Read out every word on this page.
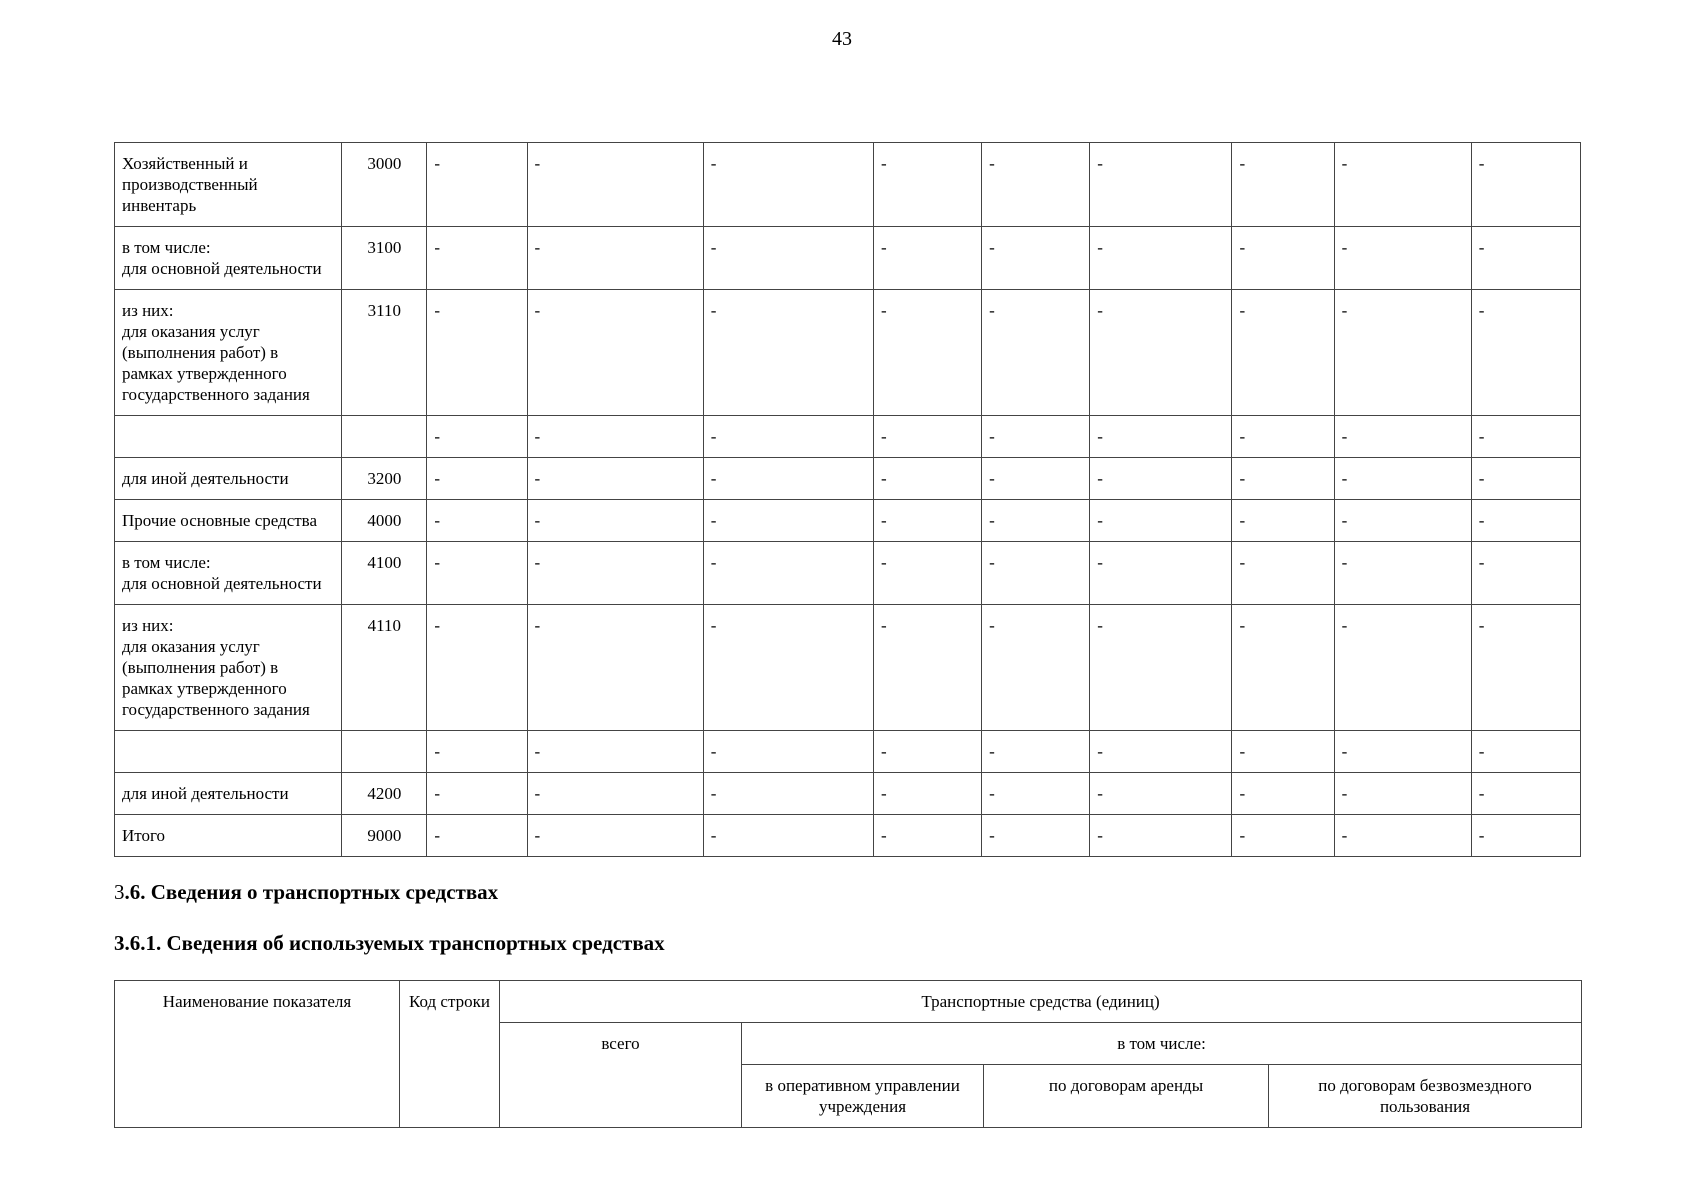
43
Хозяйственный и
производственный
инвентарь	3000	-	-	-	-	-	-	-	-	-
в том числе:
для основной деятельности	3100	-	-	-	-	-	-	-	-	-
из них:
для оказания услуг
(выполнения работ) в
рамках утвержденного
государственного задания	3110	-	-	-	-	-	-	-	-	-
		-	-	-	-	-	-	-	-	-
для иной деятельности	3200	-	-	-	-	-	-	-	-	-
Прочие основные средства	4000	-	-	-	-	-	-	-	-	-
в том числе:
для основной деятельности	4100	-	-	-	-	-	-	-	-	-
из них:
для оказания услуг
(выполнения работ) в
рамках утвержденного
государственного задания	4110	-	-	-	-	-	-	-	-	-
		-	-	-	-	-	-	-	-	-
для иной деятельности	4200	-	-	-	-	-	-	-	-	-
Итого	9000	-	-	-	-	-	-	-	-	-
3.6. Сведения о транспортных средствах
3.6.1. Сведения об используемых транспортных средствах
Наименование показателя	Код строки	Транспортные средства (единиц)			
		всего	в том числе:		
			в оперативном управлении учреждения	по договорам аренды	по договорам безвозмездного пользования
